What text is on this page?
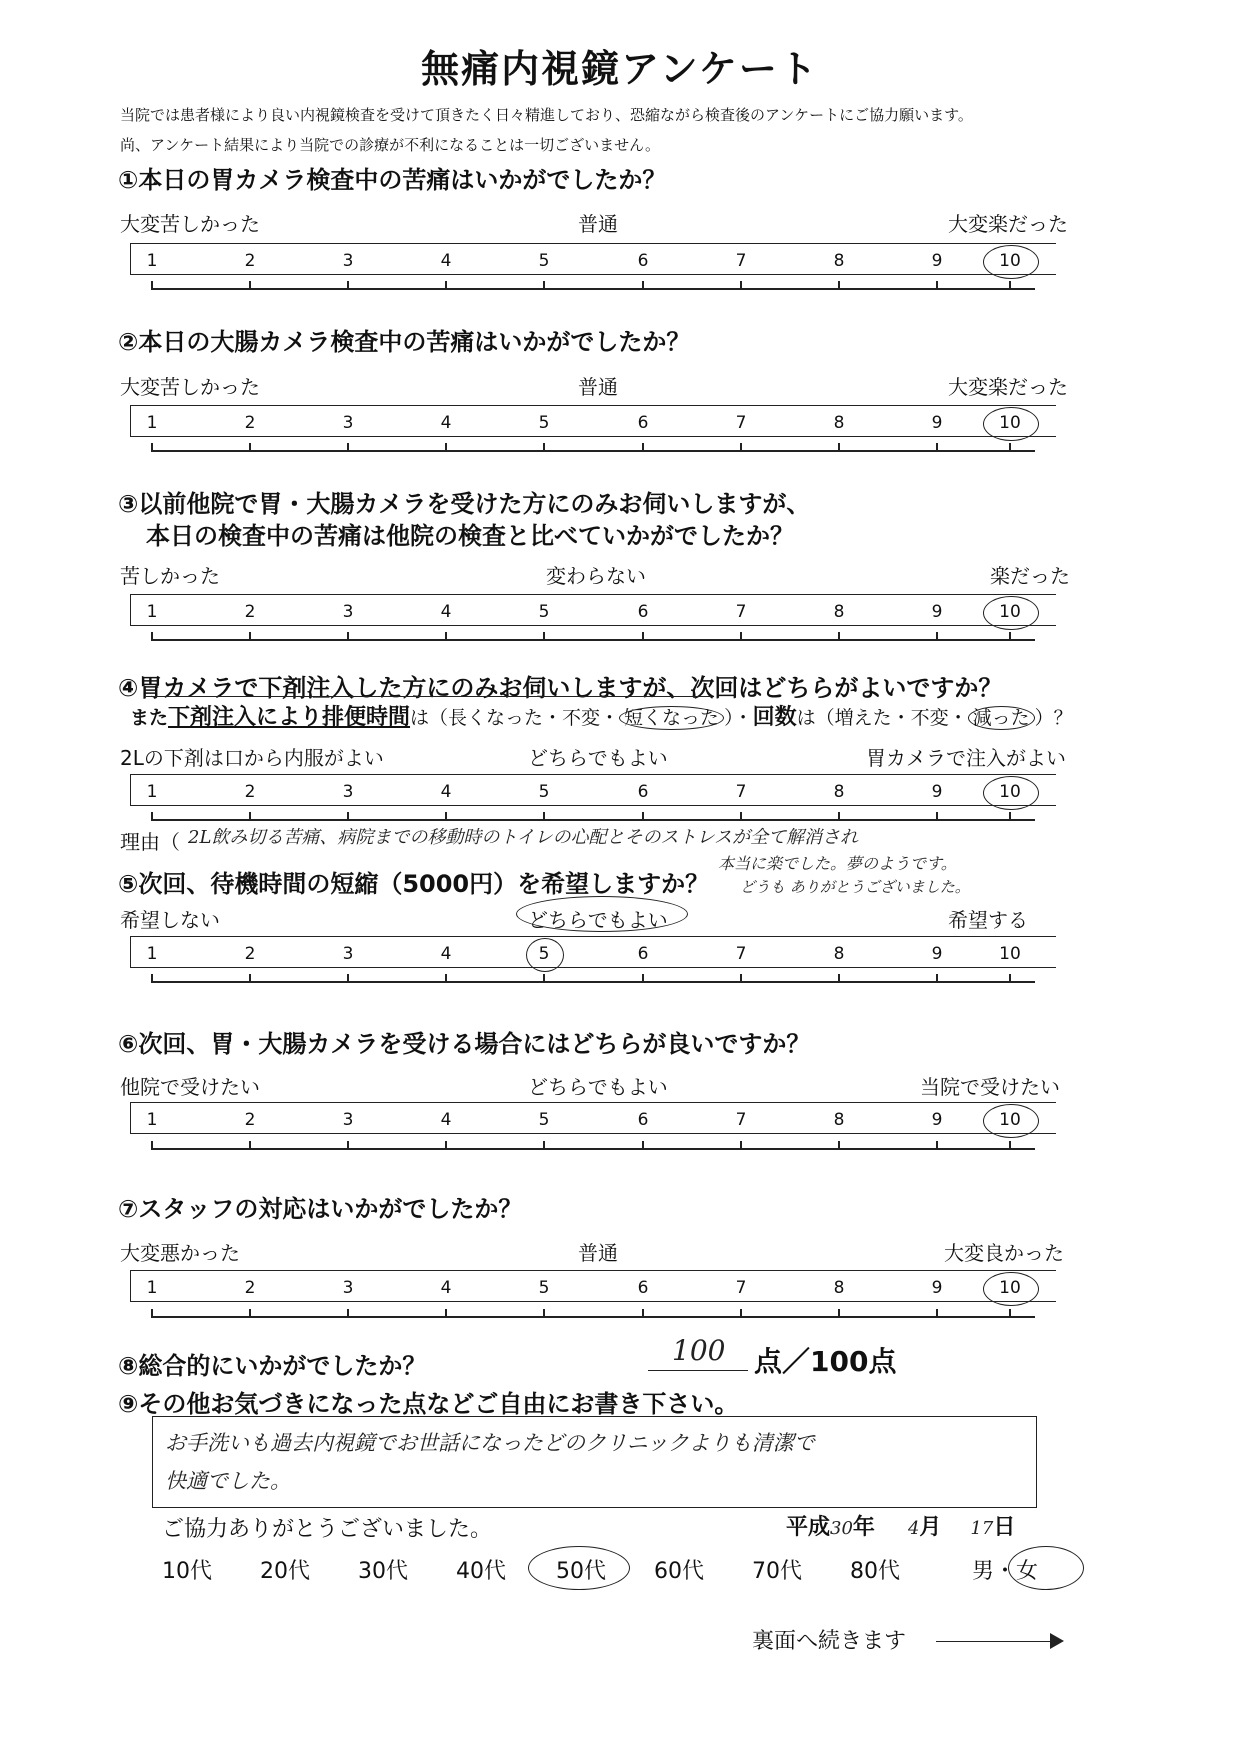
無痛内視鏡アンケート
当院では患者様により良い内視鏡検査を受けて頂きたく日々精進しており、恐縮ながら検査後のアンケートにご協力願います。
尚、アンケート結果により当院での診療が不利になることは一切ございません。
①本日の胃カメラ検査中の苦痛はいかがでしたか？
大変苦しかった	普通	大変楽だった
②本日の大腸カメラ検査中の苦痛はいかがでしたか？
大変苦しかった	普通	大変楽だった
③以前他院で胃・大腸カメラを受けた方にのみお伺いしますが、
本日の検査中の苦痛は他院の検査と比べていかがでしたか？
苦しかった	変わらない	楽だった
④胃カメラで下剤注入した方にのみお伺いしますが、次回はどちらがよいですか？
また下剤注入により排便時間は（長くなった・不変・ 短くなった ）・回数は（増えた・不変・ 減った ）？
2Lの下剤は口から内服がよい	どちらでもよい	胃カメラで注入がよい
理由（ 2L飲み切る苦痛、病院までの移動時のトイレの心配とそのストレスが全て解消され
本当に楽でした。夢のようです。
どうも ありがとうございました。
⑤次回、待機時間の短縮（5000円）を希望しますか？
希望しない	どちらでもよい	希望する
⑥次回、胃・大腸カメラを受ける場合にはどちらが良いですか？
他院で受けたい	どちらでもよい	当院で受けたい
⑦スタッフの対応はいかがでしたか？
大変悪かった	普通	大変良かった
⑧総合的にいかがでしたか？	100 点／100点
⑨その他お気づきになった点などご自由にお書き下さい。
お手洗いも過去内視鏡でお世話になったどのクリニックよりも清潔で
快適でした。
ご協力ありがとうございました。	平成30年 4月 17日
10代 20代 30代 40代 50代 60代 70代 80代	男・女
裏面へ続きます
1	2	3	4	5	6	7	8	9	10
1	2	3	4	5	6	7	8	9	10
1	2	3	4	5	6	7	8	9	10
1	2	3	4	5	6	7	8	9	10
1	2	3	4	5	6	7	8	9	10
1	2	3	4	5	6	7	8	9	10
1	2	3	4	5	6	7	8	9	10
